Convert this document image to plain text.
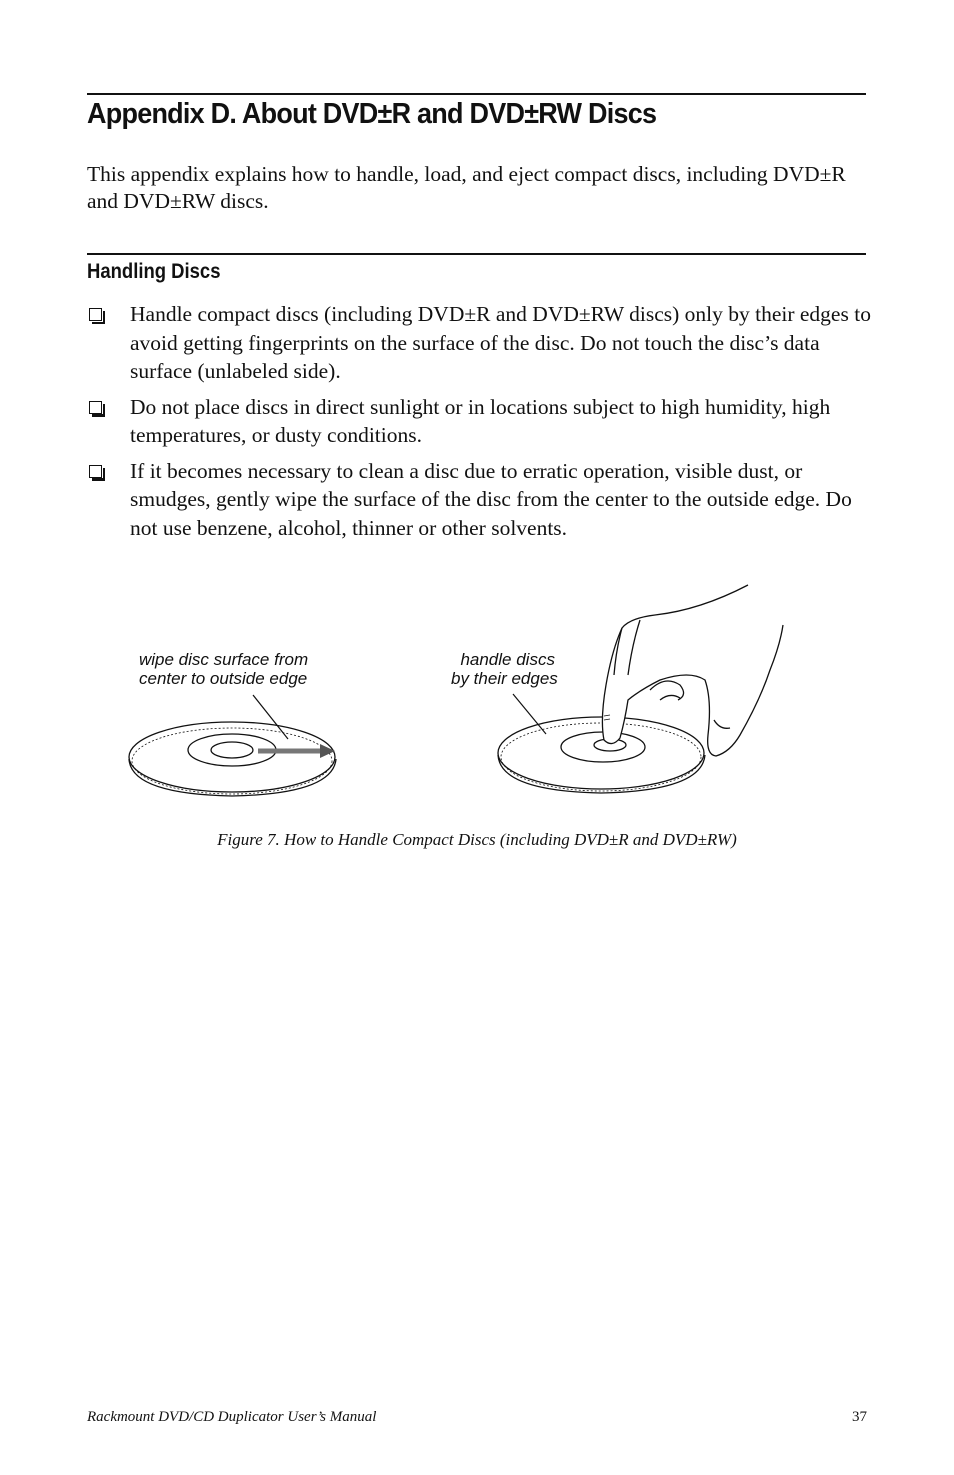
Appendix D. About DVD±R and DVD±RW Discs

This appendix explains how to handle, load, and eject compact discs, including DVD±R and DVD±RW discs.

Handling Discs
Handle compact discs (including DVD±R and DVD±RW discs) only by their edges to avoid getting fingerprints on the surface of the disc. Do not touch the disc’s data surface (unlabeled side).
Do not place discs in direct sunlight or in locations subject to high humidity, high temperatures, or dusty conditions.
If it becomes necessary to clean a disc due to erratic operation, visible dust, or smudges, gently wipe the surface of the disc from the center to the outside edge. Do not use benzene, alcohol, thinner or other solvents.

wipe disc surface from
center to outside edge

handle discs
by their edges

Figure 7. How to Handle Compact Discs (including DVD±R and DVD±RW)

Rackmount DVD/CD Duplicator User’s Manual	37
